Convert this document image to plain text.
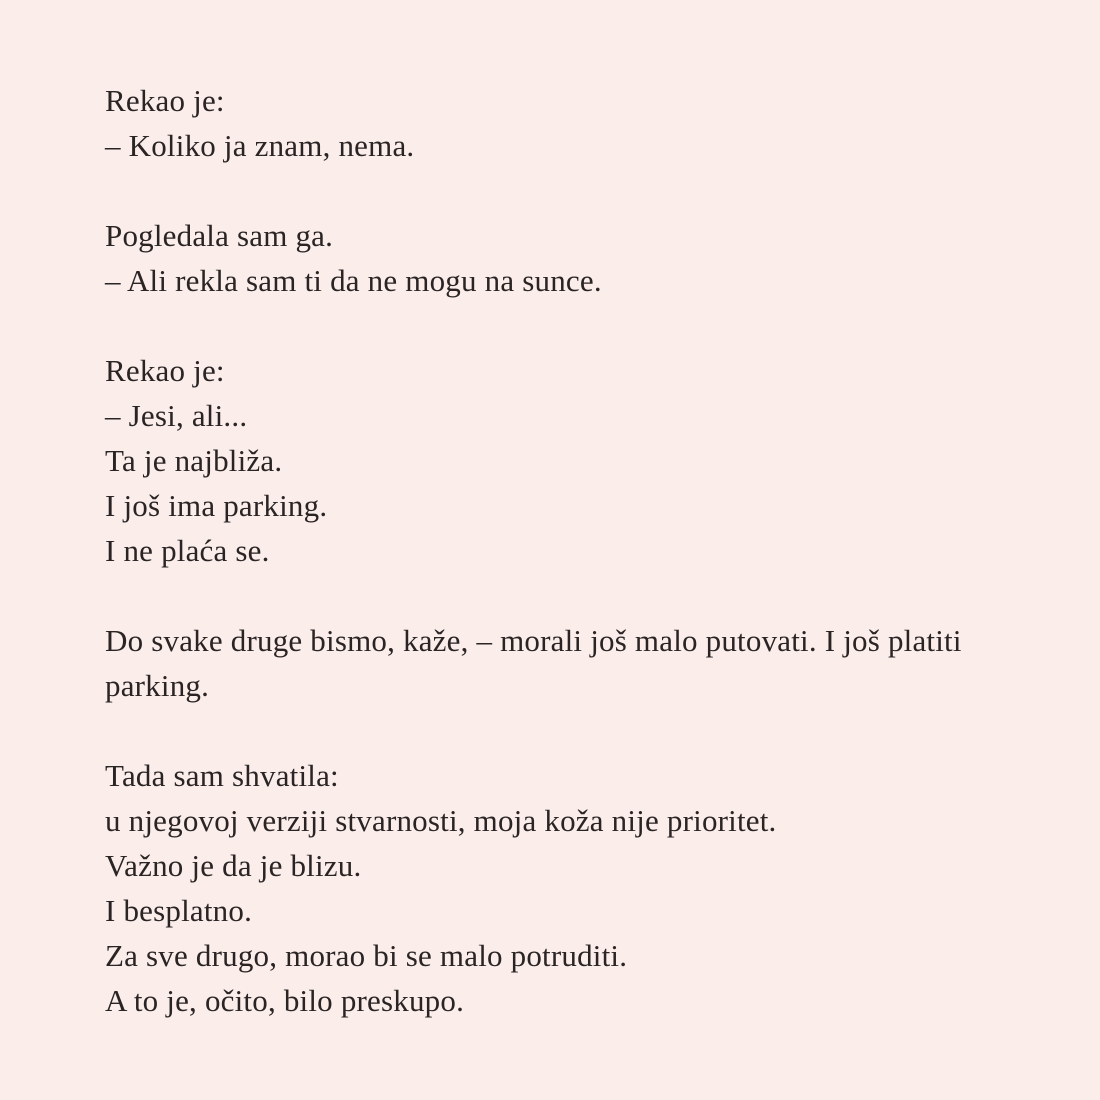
Rekao je:
– Koliko ja znam, nema.

Pogledala sam ga.
– Ali rekla sam ti da ne mogu na sunce.

Rekao je:
– Jesi, ali...
Ta je najbliža.
I još ima parking.
I ne plaća se.

Do svake druge bismo, kaže, – morali još malo putovati. I još platiti
parking.

Tada sam shvatila:
u njegovoj verziji stvarnosti, moja koža nije prioritet.
Važno je da je blizu.
I besplatno.
Za sve drugo, morao bi se malo potruditi.
A to je, očito, bilo preskupo.
